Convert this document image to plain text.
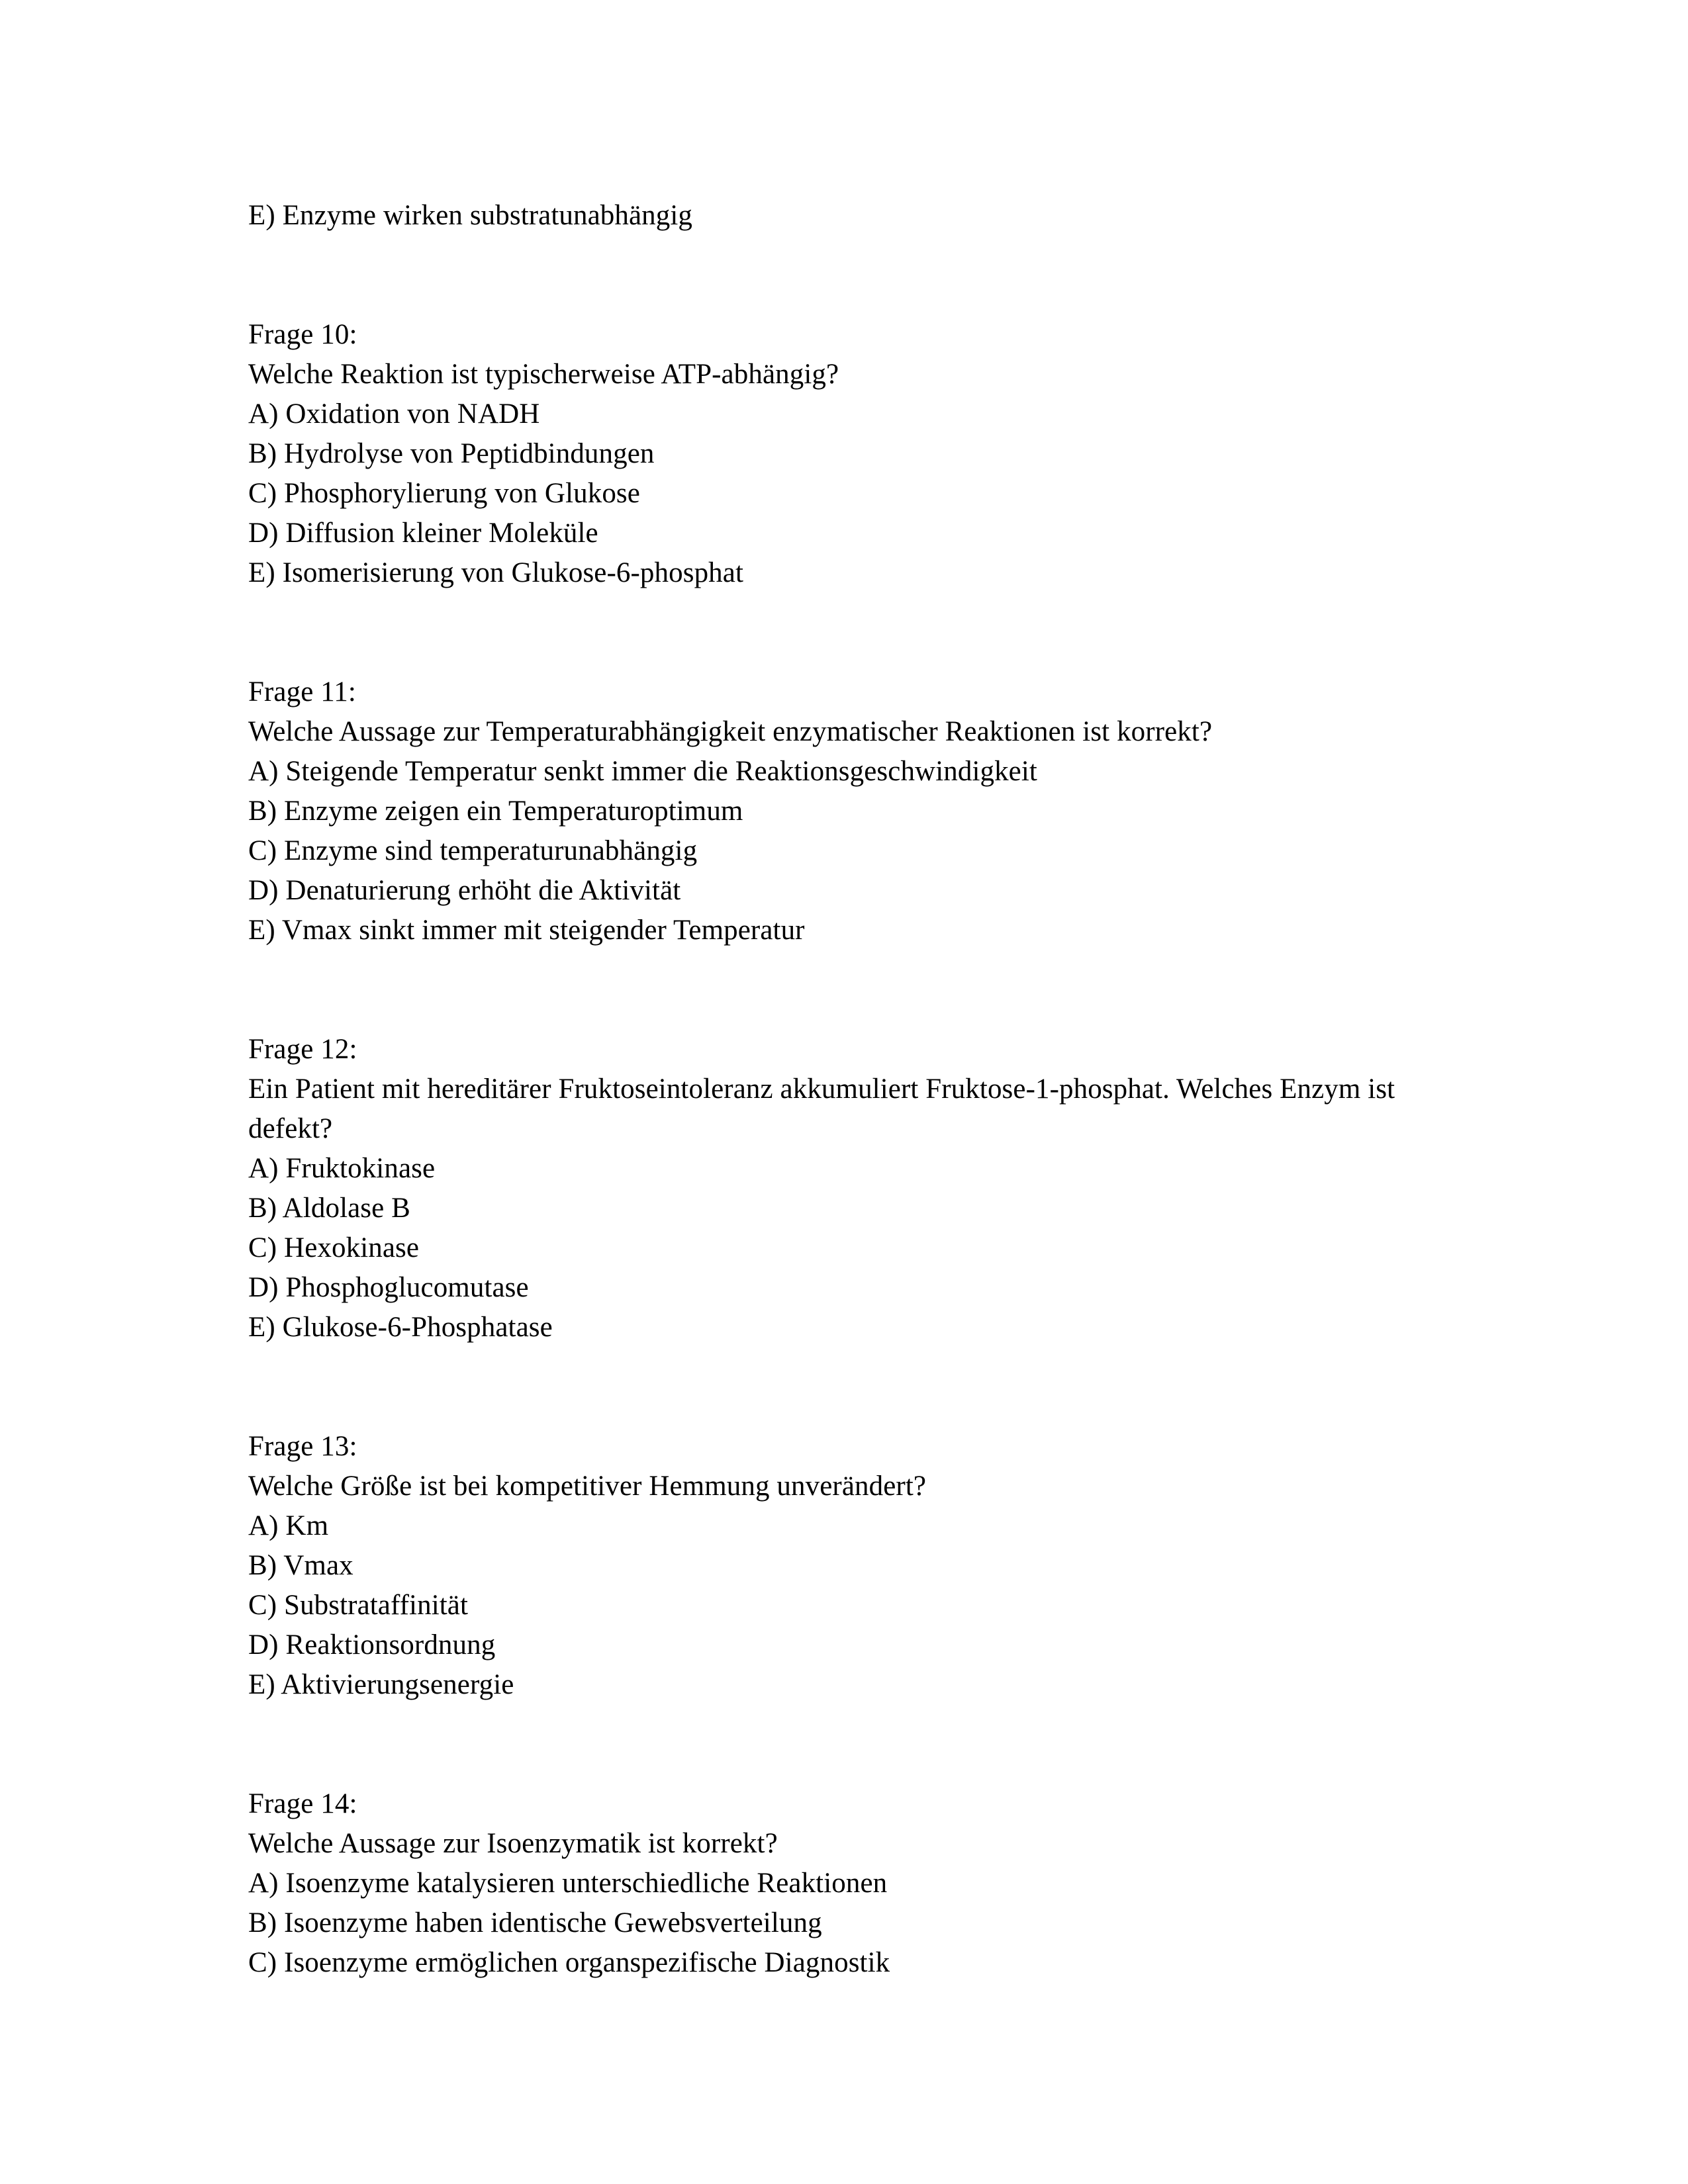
E) Enzyme wirken substratunabhängig
Frage 10:
Welche Reaktion ist typischerweise ATP-abhängig?
A) Oxidation von NADH
B) Hydrolyse von Peptidbindungen
C) Phosphorylierung von Glukose
D) Diffusion kleiner Moleküle
E) Isomerisierung von Glukose-6-phosphat
Frage 11:
Welche Aussage zur Temperaturabhängigkeit enzymatischer Reaktionen ist korrekt?
A) Steigende Temperatur senkt immer die Reaktionsgeschwindigkeit
B) Enzyme zeigen ein Temperaturoptimum
C) Enzyme sind temperaturunabhängig
D) Denaturierung erhöht die Aktivität
E) Vmax sinkt immer mit steigender Temperatur
Frage 12:
Ein Patient mit hereditärer Fruktoseintoleranz akkumuliert Fruktose-1-phosphat. Welches Enzym ist defekt?
A) Fruktokinase
B) Aldolase B
C) Hexokinase
D) Phosphoglucomutase
E) Glukose-6-Phosphatase
Frage 13:
Welche Größe ist bei kompetitiver Hemmung unverändert?
A) Km
B) Vmax
C) Substrataffinität
D) Reaktionsordnung
E) Aktivierungsenergie
Frage 14:
Welche Aussage zur Isoenzymatik ist korrekt?
A) Isoenzyme katalysieren unterschiedliche Reaktionen
B) Isoenzyme haben identische Gewebsverteilung
C) Isoenzyme ermöglichen organspezifische Diagnostik
